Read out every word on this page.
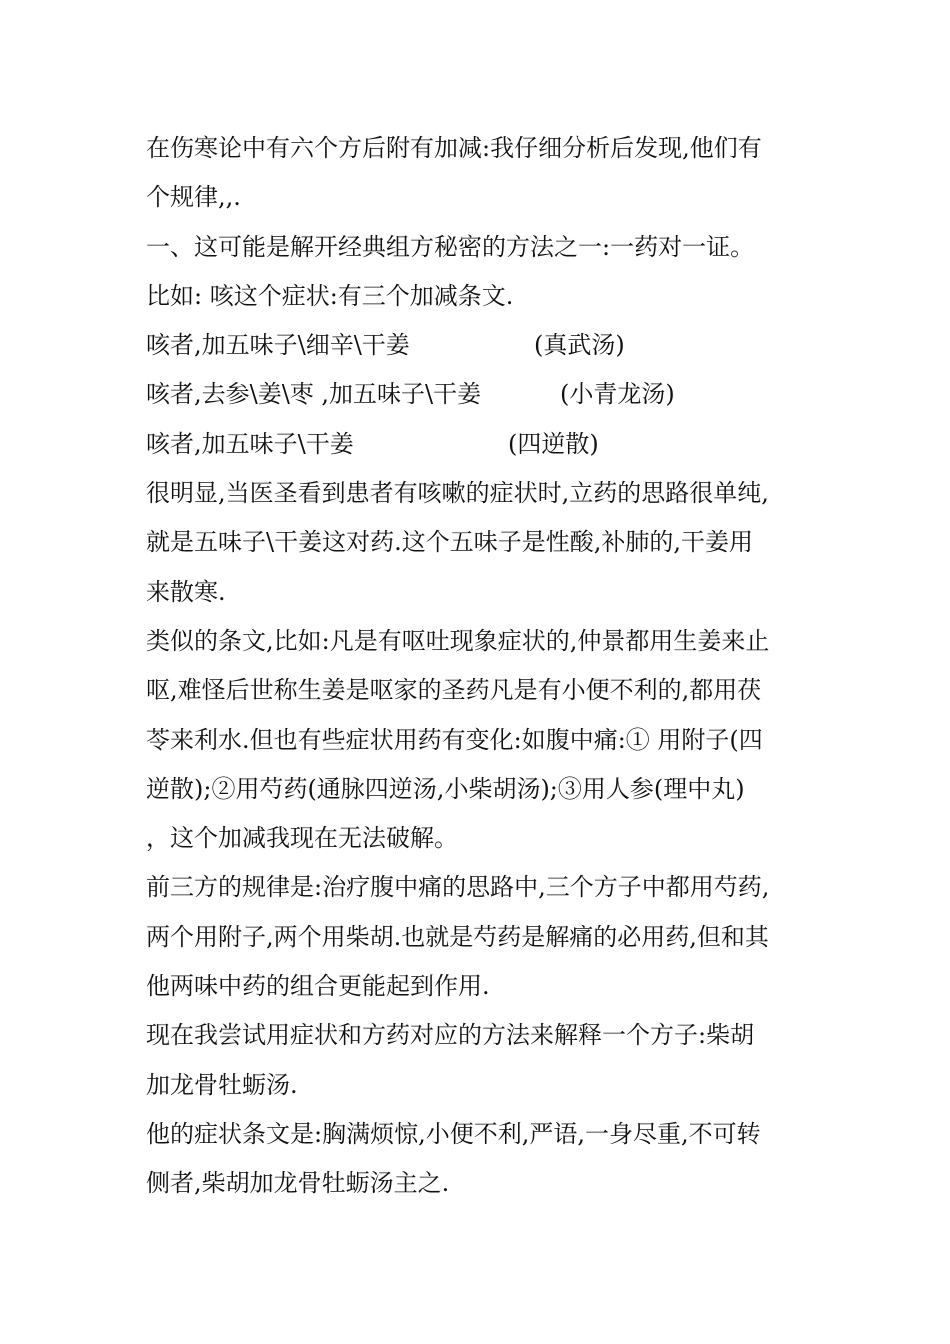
在伤寒论中有六个方后附有加减:我仔细分析后发现,他们有
个规律,,.
一、这可能是解开经典组方秘密的方法之一:一药对一证。
比如: 咳这个症状:有三个加减条文.
咳者,加五味子\细辛\干姜	(真武汤)
咳者,去参\姜\枣 ,加五味子\干姜	(小青龙汤)
咳者,加五味子\干姜	(四逆散)
很明显,当医圣看到患者有咳嗽的症状时,立药的思路很单纯,
就是五味子\干姜这对药.这个五味子是性酸,补肺的,干姜用
来散寒.
类似的条文,比如:凡是有呕吐现象症状的,仲景都用生姜来止
呕,难怪后世称生姜是呕家的圣药凡是有小便不利的,都用茯
苓来利水.但也有些症状用药有变化:如腹中痛:① 用附子(四
逆散);②用芍药(通脉四逆汤,小柴胡汤);③用人参(理中丸)
，这个加减我现在无法破解。
前三方的规律是:治疗腹中痛的思路中,三个方子中都用芍药,
两个用附子,两个用柴胡.也就是芍药是解痛的必用药,但和其
他两味中药的组合更能起到作用.
现在我尝试用症状和方药对应的方法来解释一个方子:柴胡
加龙骨牡蛎汤.
他的症状条文是:胸满烦惊,小便不利,严语,一身尽重,不可转
侧者,柴胡加龙骨牡蛎汤主之.
